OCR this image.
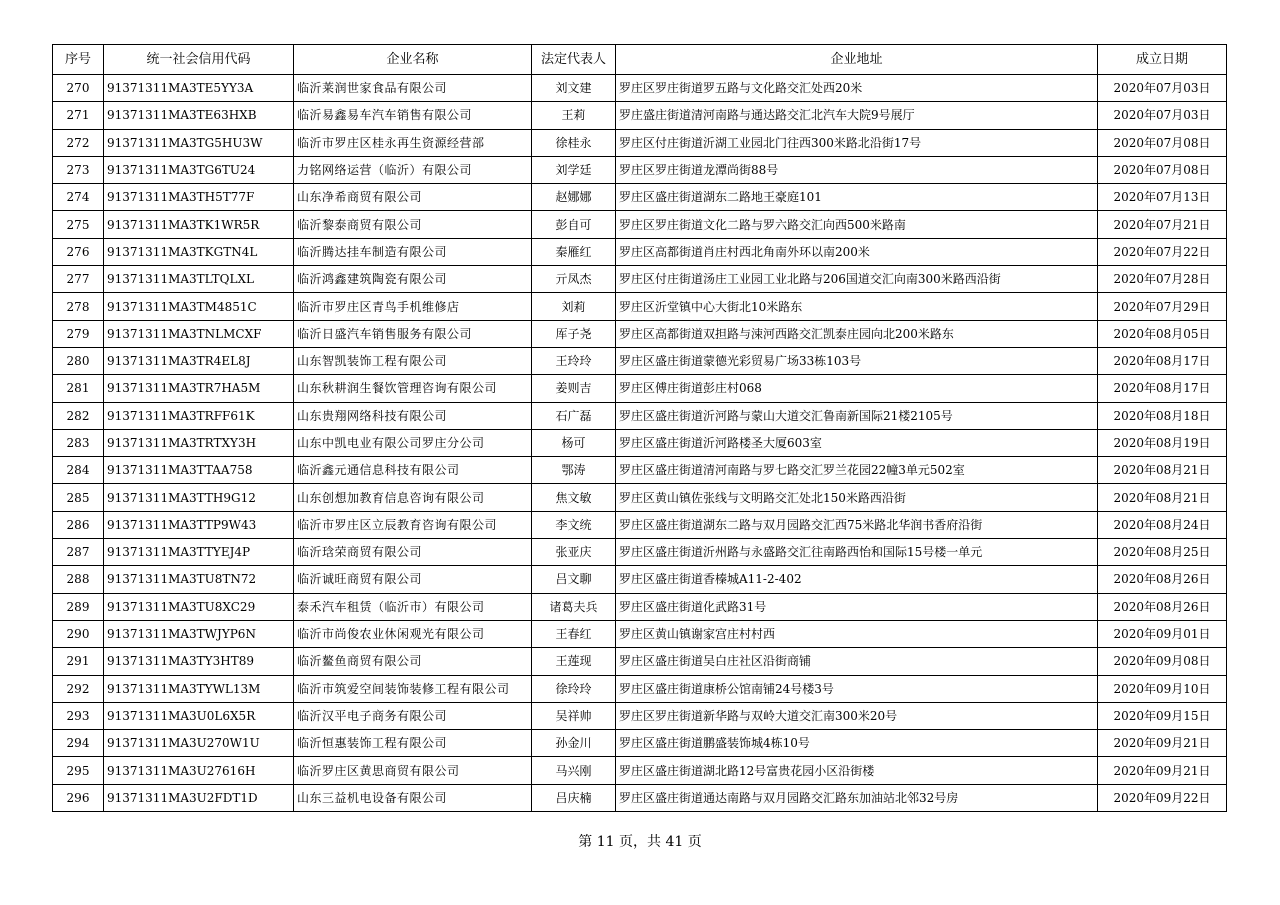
序号	统一社会信用代码	企业名称	法定代表人	企业地址	成立日期
270	91371311MA3TE5YY3A	临沂莱润世家食品有限公司	刘文建	罗庄区罗庄街道罗五路与文化路交汇处西20米	2020年07月03日
271	91371311MA3TE63HXB	临沂易鑫易车汽车销售有限公司	王莉	罗庄盛庄街道清河南路与通达路交汇北汽车大院9号展厅	2020年07月03日
272	91371311MA3TG5HU3W	临沂市罗庄区桂永再生资源经营部	徐桂永	罗庄区付庄街道沂湖工业园北门往西300米路北沿街17号	2020年07月08日
273	91371311MA3TG6TU24	力铭网络运营（临沂）有限公司	刘学廷	罗庄区罗庄街道龙潭尚街88号	2020年07月08日
274	91371311MA3TH5T77F	山东净希商贸有限公司	赵娜娜	罗庄区盛庄街道湖东二路地王豪庭101	2020年07月13日
275	91371311MA3TK1WR5R	临沂黎泰商贸有限公司	彭自可	罗庄区罗庄街道文化二路与罗六路交汇向西500米路南	2020年07月21日
276	91371311MA3TKGTN4L	临沂腾达挂车制造有限公司	秦雁红	罗庄区高都街道肖庄村西北角南外环以南200米	2020年07月22日
277	91371311MA3TLTQLXL	临沂鸿鑫建筑陶瓷有限公司	亓凤杰	罗庄区付庄街道汤庄工业园工业北路与206国道交汇向南300米路西沿街	2020年07月28日
278	91371311MA3TM4851C	临沂市罗庄区青鸟手机维修店	刘莉	罗庄区沂堂镇中心大街北10米路东	2020年07月29日
279	91371311MA3TNLMCXF	临沂日盛汽车销售服务有限公司	厍子尧	罗庄区高都街道双担路与涑河西路交汇凯泰庄园向北200米路东	2020年08月05日
280	91371311MA3TR4EL8J	山东智凯装饰工程有限公司	王玲玲	罗庄区盛庄街道蒙德光彩贸易广场33栋103号	2020年08月17日
281	91371311MA3TR7HA5M	山东秋耕润生餐饮管理咨询有限公司	姜则吉	罗庄区傅庄街道彭庄村068	2020年08月17日
282	91371311MA3TRFF61K	山东贵翔网络科技有限公司	石广磊	罗庄区盛庄街道沂河路与蒙山大道交汇鲁南新国际21楼2105号	2020年08月18日
283	91371311MA3TRTXY3H	山东中凯电业有限公司罗庄分公司	杨可	罗庄区盛庄街道沂河路楼圣大厦603室	2020年08月19日
284	91371311MA3TTAA758	临沂鑫元通信息科技有限公司	鄂涛	罗庄区盛庄街道清河南路与罗七路交汇罗兰花园22幢3单元502室	2020年08月21日
285	91371311MA3TTH9G12	山东创想加教育信息咨询有限公司	焦文敏	罗庄区黄山镇佐张线与文明路交汇处北150米路西沿街	2020年08月21日
286	91371311MA3TTP9W43	临沂市罗庄区立辰教育咨询有限公司	李文统	罗庄区盛庄街道湖东二路与双月园路交汇西75米路北华润书香府沿街	2020年08月24日
287	91371311MA3TTYEJ4P	临沂琀荣商贸有限公司	张亚庆	罗庄区盛庄街道沂州路与永盛路交汇往南路西怡和国际15号楼一单元	2020年08月25日
288	91371311MA3TU8TN72	临沂诚旺商贸有限公司	吕文聊	罗庄区盛庄街道香榛城A11-2-402	2020年08月26日
289	91371311MA3TU8XC29	泰禾汽车租赁（临沂市）有限公司	诸葛夫兵	罗庄区盛庄街道化武路31号	2020年08月26日
290	91371311MA3TWJYP6N	临沂市尚俊农业休闲观光有限公司	王春红	罗庄区黄山镇谢家宫庄村村西	2020年09月01日
291	91371311MA3TY3HT89	临沂鳌鱼商贸有限公司	王莲现	罗庄区盛庄街道吴白庄社区沿街商铺	2020年09月08日
292	91371311MA3TYWL13M	临沂市筑爱空间装饰装修工程有限公司	徐玲玲	罗庄区盛庄街道康桥公馆南铺24号楼3号	2020年09月10日
293	91371311MA3U0L6X5R	临沂汉平电子商务有限公司	吴祥帅	罗庄区罗庄街道新华路与双岭大道交汇南300米20号	2020年09月15日
294	91371311MA3U270W1U	临沂恒惠装饰工程有限公司	孙金川	罗庄区盛庄街道鹏盛装饰城4栋10号	2020年09月21日
295	91371311MA3U27616H	临沂罗庄区黄思商贸有限公司	马兴刚	罗庄区盛庄街道湖北路12号富贵花园小区沿街楼	2020年09月21日
296	91371311MA3U2FDT1D	山东三益机电设备有限公司	吕庆楠	罗庄区盛庄街道通达南路与双月园路交汇路东加油站北邻32号房	2020年09月22日
第 11 页，共 41 页
